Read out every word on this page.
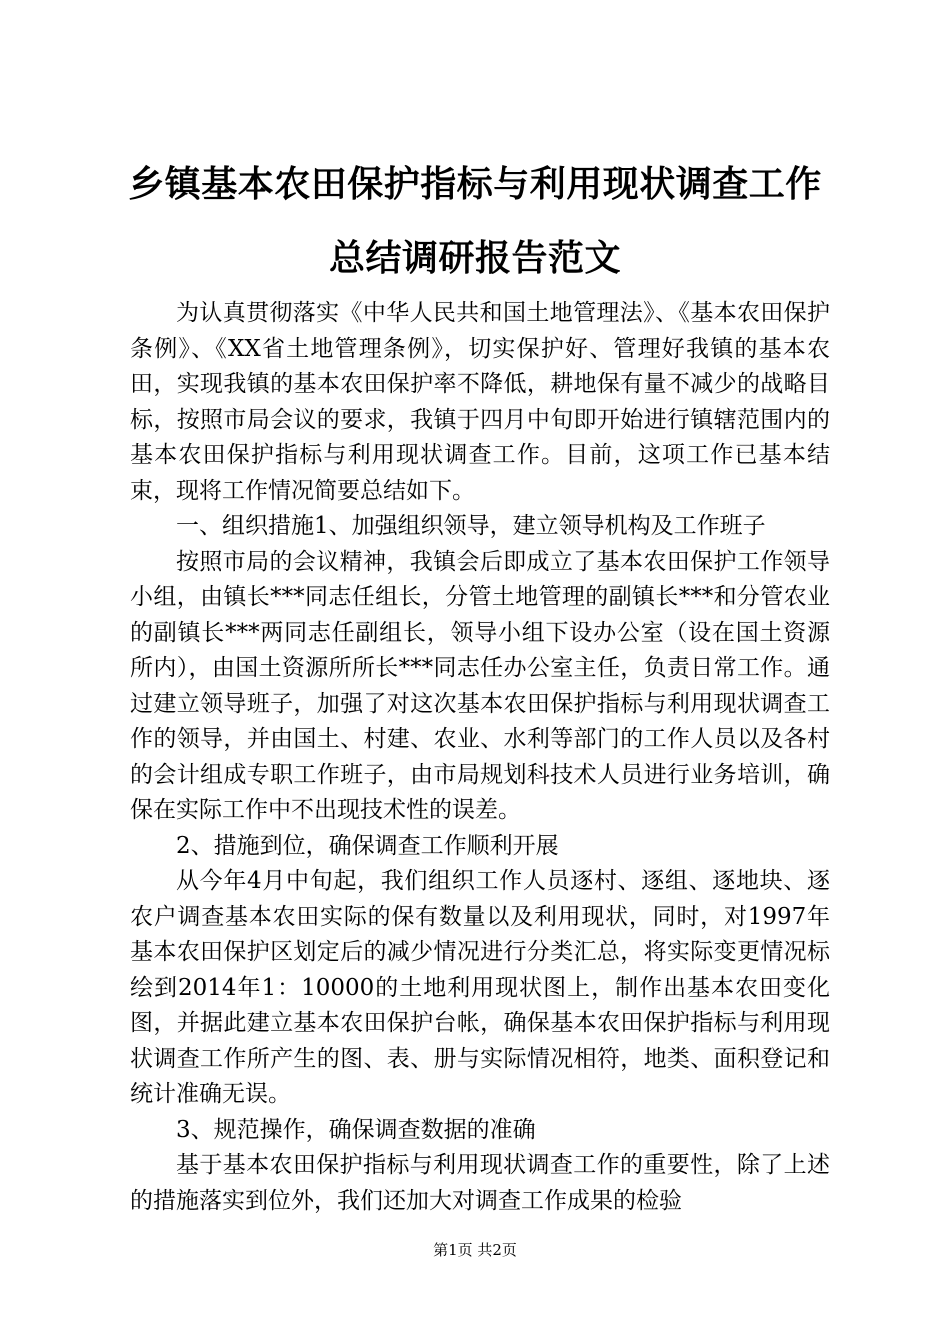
乡镇基本农田保护指标与利用现状调查工作总结调研报告范文

为认真贯彻落实《中华人民共和国土地管理法》、《基本农田保护条例》、《XX省土地管理条例》，切实保护好、管理好我镇的基本农田，实现我镇的基本农田保护率不降低，耕地保有量不减少的战略目标，按照市局会议的要求，我镇于四月中旬即开始进行镇辖范围内的基本农田保护指标与利用现状调查工作。目前，这项工作已基本结束，现将工作情况简要总结如下。

一、组织措施1、加强组织领导，建立领导机构及工作班子

按照市局的会议精神，我镇会后即成立了基本农田保护工作领导小组，由镇长***同志任组长，分管土地管理的副镇长***和分管农业的副镇长***两同志任副组长，领导小组下设办公室（设在国土资源所内），由国土资源所所长***同志任办公室主任，负责日常工作。通过建立领导班子，加强了对这次基本农田保护指标与利用现状调查工作的领导，并由国土、村建、农业、水利等部门的工作人员以及各村的会计组成专职工作班子，由市局规划科技术人员进行业务培训，确保在实际工作中不出现技术性的误差。

2、措施到位，确保调查工作顺利开展

从今年4月中旬起，我们组织工作人员逐村、逐组、逐地块、逐农户调查基本农田实际的保有数量以及利用现状，同时，对1997年基本农田保护区划定后的减少情况进行分类汇总，将实际变更情况标绘到2014年1：10000的土地利用现状图上，制作出基本农田变化图，并据此建立基本农田保护台帐，确保基本农田保护指标与利用现状调查工作所产生的图、表、册与实际情况相符，地类、面积登记和统计准确无误。

3、规范操作，确保调查数据的准确

基于基本农田保护指标与利用现状调查工作的重要性，除了上述的措施落实到位外，我们还加大对调查工作成果的检验

第1页 共2页
